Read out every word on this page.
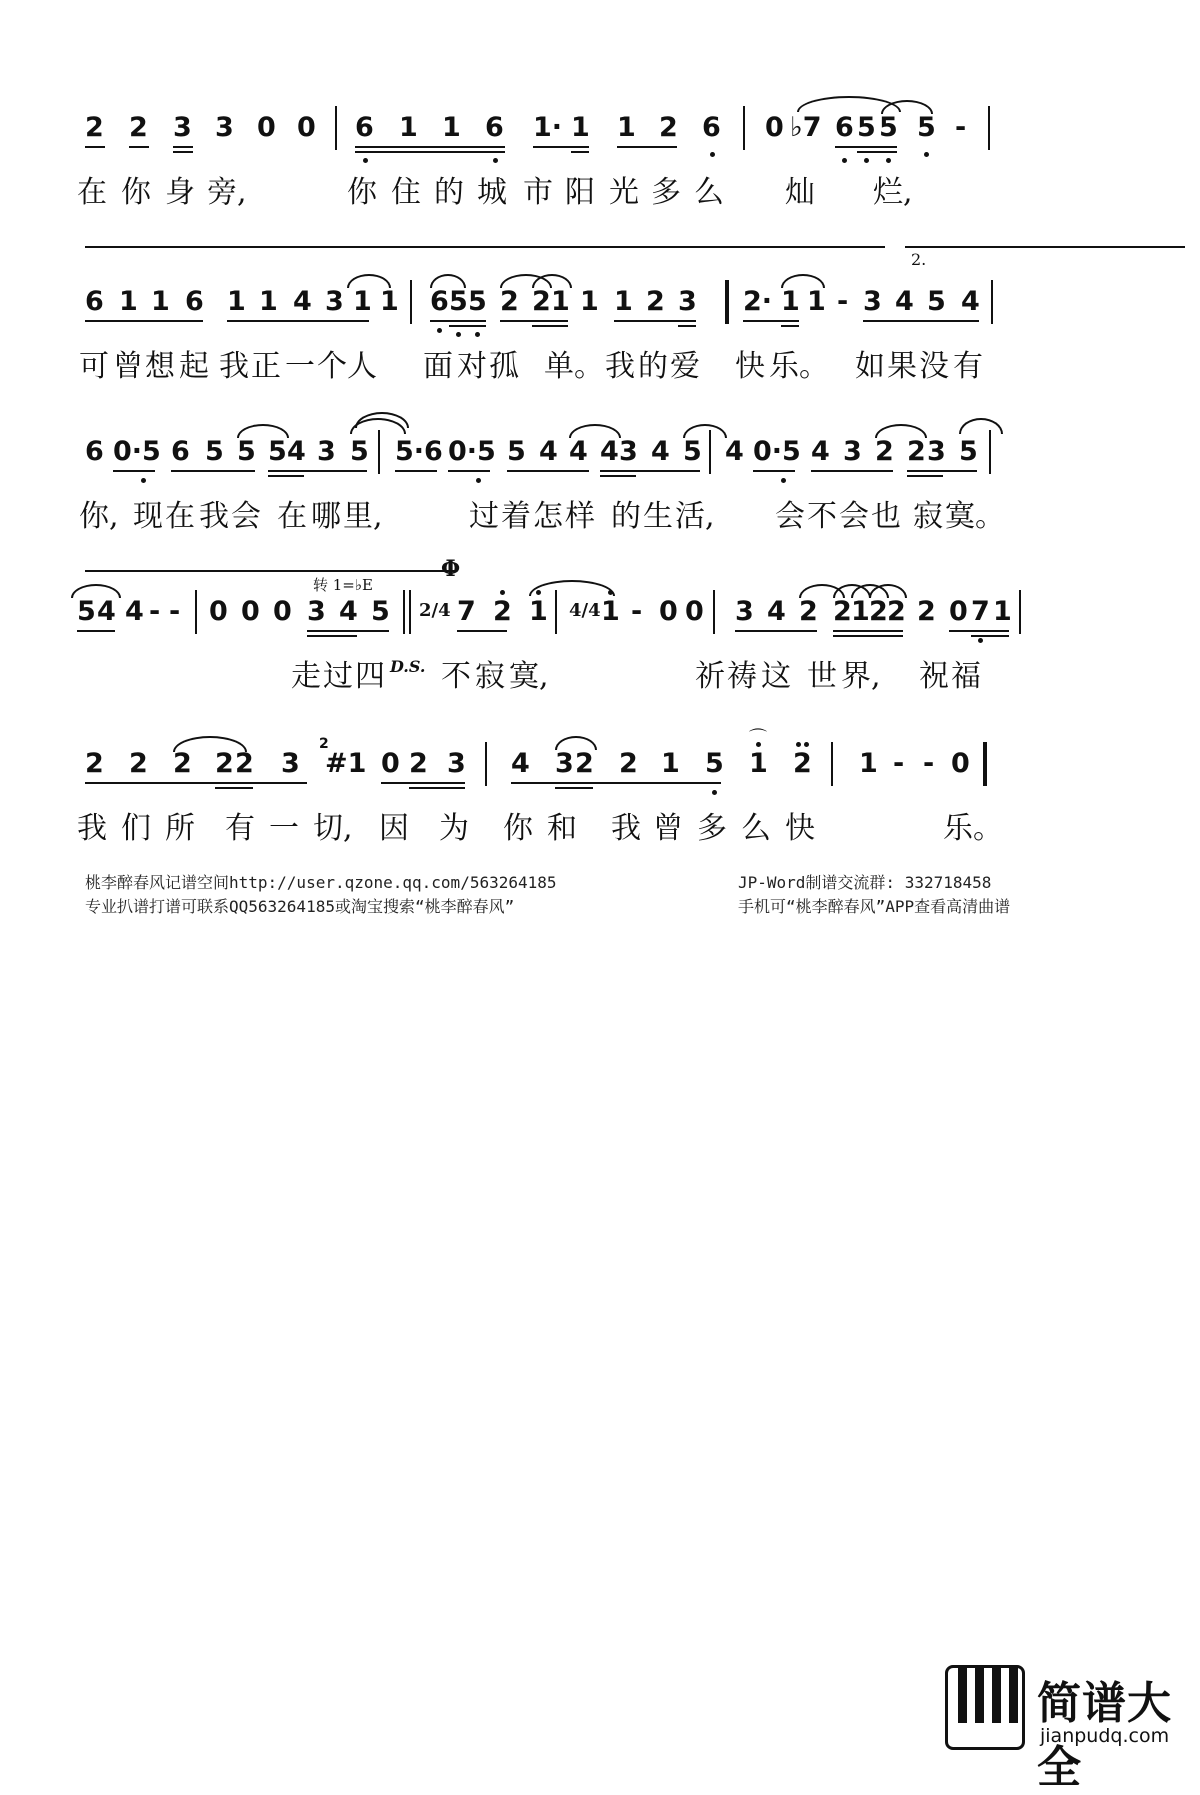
2

2

3

3

0

0

6

1

1

6

1·

1

1

2

6

0

♭7

6

5

5

5

-

在

你

身

旁,

	你

住

的

城

市

阳

光

多

么

灿

烂,

2.

6

1

1

6

1

1

4

3

1

1

6

5

5

2

2

1

1

1

2

3

2·

1

1

-

3

4

5

4

可

曾

想

起

我

正

一

个

人

面

对

孤

单。

我

的

爱

快

乐。

如

果

没

有

6

0·5

6

5

5

5

4

3

5

5·6

0·5

5

4

4

4

3

4

5

4

0·5

4

3

2

2

3

5

你,

现

在

我

会

在

哪

里,

	过

着

怎

样

的

生

活,

会

不

会

也

寂

寞。

Φ
转 1=♭E

5

4

4

-

-

0

0

0

3

4

5

7

2

1

1

-

0

0

3

4

2

2

1

2

2

2

0

7

1

2/4	4/4

走

过

四

D.S.

不

寂

寞,

	祈

祷

这

世

界,

祝

福

2

2

2

2

2

3

2

#1

0

2

3

4

3

2

2

1

5

1

2

1

-

-

0

⌒

我

们

所

有

一

切,

因

为

你

和

我

曾

多

么

快

	乐。

桃李醉春风记谱空间http://user.qzone.qq.com/563264185
专业扒谱打谱可联系QQ563264185或淘宝搜索“桃李醉春风”
JP-Word制谱交流群: 332718458
手机可“桃李醉春风”APP查看高清曲谱
简谱大全
jianpudq.com
